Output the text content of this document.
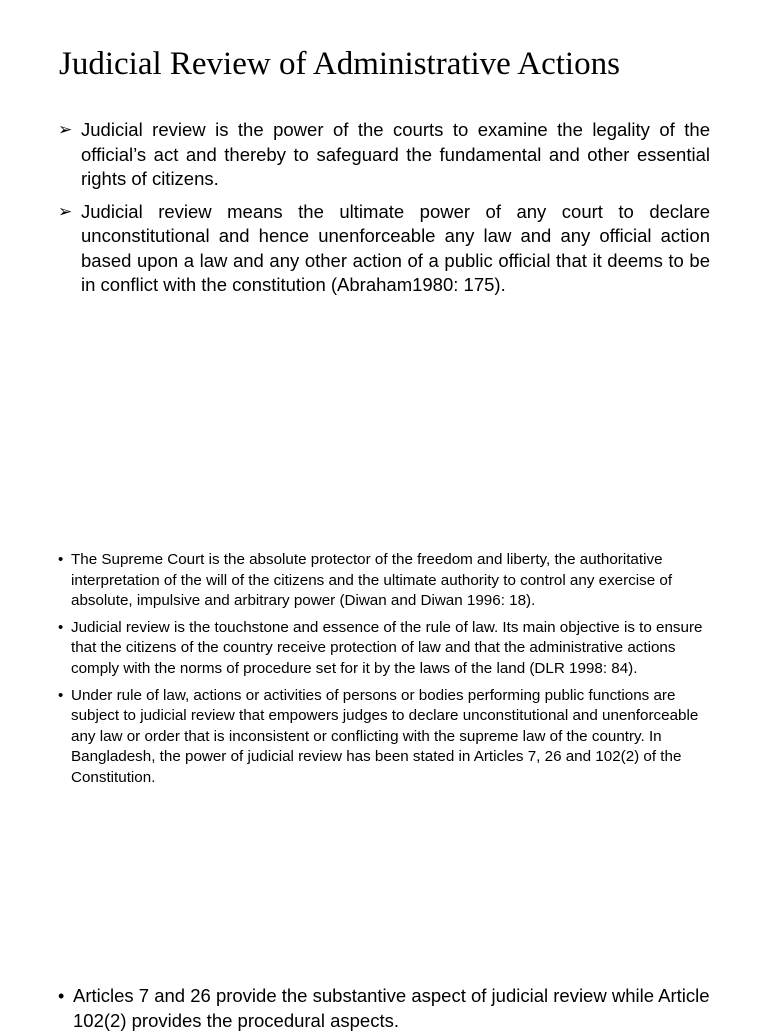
Judicial Review of Administrative Actions
➢ Judicial review is the power of the courts to examine the legality of the official’s act and thereby to safeguard the fundamental and other essential rights of citizens.
➢ Judicial review means the ultimate power of any court to declare unconstitutional and hence unenforceable any law and any official action based upon a law and any other action of a public official that it deems to be in conflict with the constitution (Abraham1980: 175).
• The Supreme Court is the absolute protector of the freedom and liberty, the authoritative interpretation of the will of the citizens and the ultimate authority to control any exercise of absolute, impulsive and arbitrary power (Diwan and Diwan 1996: 18).
• Judicial review is the touchstone and essence of the rule of law. Its main objective is to ensure that the citizens of the country receive protection of law and that the administrative actions comply with the norms of procedure set for it by the laws of the land (DLR 1998: 84).
• Under rule of law, actions or activities of persons or bodies performing public functions are subject to judicial review that empowers judges to declare unconstitutional and unenforceable any law or order that is inconsistent or conflicting with the supreme law of the country. In Bangladesh, the power of judicial review has been stated in Articles 7, 26 and 102(2) of the Constitution.
• Articles 7 and 26 provide the substantive aspect of judicial review while Article 102(2) provides the procedural aspects.
